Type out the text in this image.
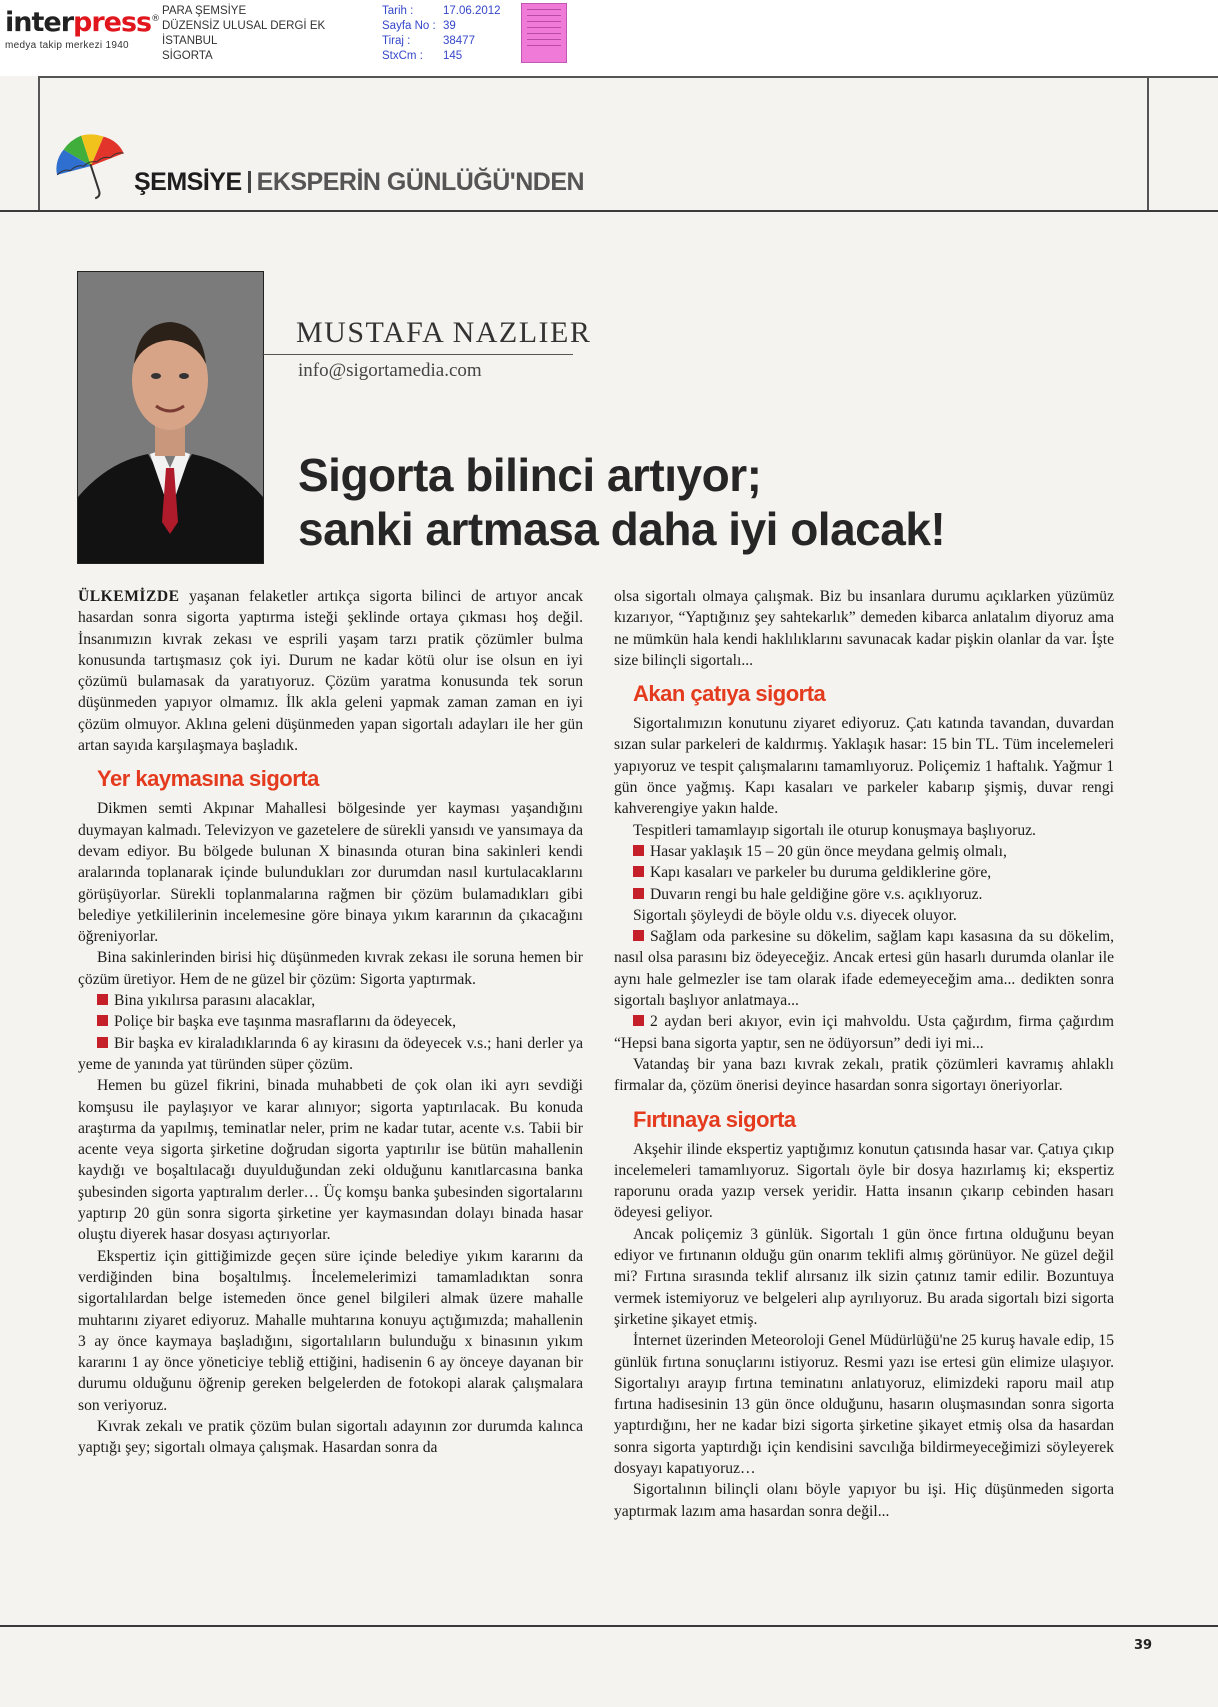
interpress®
medya takip merkezi 1940
PARA ŞEMSİYE
DÜZENSİZ ULUSAL DERGİ EK
İSTANBUL
SİGORTA
Tarih :
Sayfa No :
Tiraj :
StxCm :
17.06.2012
39
38477
145
ŞEMSİYE EKSPERİN GÜNLÜĞÜ'NDEN
MUSTAFA NAZLIER
info@sigortamedia.com
Sigorta bilinci artıyor;
sanki artmasa daha iyi olacak!

ÜLKEMİZDE yaşanan felaketler artıkça sigorta bilinci de artıyor ancak hasardan sonra sigorta yaptırma isteği şeklinde ortaya çıkması hoş değil. İnsanımızın kıvrak zekası ve esprili yaşam tarzı pratik çözümler bulma konusunda tartışmasız çok iyi. Durum ne kadar kötü olur ise olsun en iyi çözümü bulamasak da yaratıyoruz. Çözüm yaratma konusunda tek sorun düşünmeden yapıyor olmamız. İlk akla geleni yapmak zaman zaman en iyi çözüm olmuyor. Aklına geleni düşünmeden yapan sigortalı adayları ile her gün artan sayıda karşılaşmaya başladık.

Yer kaymasına sigorta

Dikmen semti Akpınar Mahallesi bölgesinde yer kayması yaşandığını duymayan kalmadı. Televizyon ve gazetelere de sürekli yansıdı ve yansımaya da devam ediyor. Bu bölgede bulunan X binasında oturan bina sakinleri kendi aralarında toplanarak içinde bulundukları zor durumdan nasıl kurtulacaklarını görüşüyorlar. Sürekli toplanmalarına rağmen bir çözüm bulamadıkları gibi belediye yetkililerinin incelemesine göre binaya yıkım kararının da çıkacağını öğreniyorlar.

Bina sakinlerinden birisi hiç düşünmeden kıvrak zekası ile soruna hemen bir çözüm üretiyor. Hem de ne güzel bir çözüm: Sigorta yaptırmak.

Bina yıkılırsa parasını alacaklar,

Poliçe bir başka eve taşınma masraflarını da ödeyecek,

Bir başka ev kiraladıklarında 6 ay kirasını da ödeyecek v.s.; hani derler ya yeme de yanında yat türünden süper çözüm.

Hemen bu güzel fikrini, binada muhabbeti de çok olan iki ayrı sevdiği komşusu ile paylaşıyor ve karar alınıyor; sigorta yaptırılacak. Bu konuda araştırma da yapılmış, teminatlar neler, prim ne kadar tutar, acente v.s. Tabii bir acente veya sigorta şirketine doğrudan sigorta yaptırılır ise bütün mahallenin kaydığı ve boşaltılacağı duyulduğundan zeki olduğunu kanıtlarcasına banka şubesinden sigorta yaptıralım derler… Üç komşu banka şubesinden sigortalarını yaptırıp 20 gün sonra sigorta şirketine yer kaymasından dolayı binada hasar oluştu diyerek hasar dosyası açtırıyorlar.

Ekspertiz için gittiğimizde geçen süre içinde belediye yıkım kararını da verdiğinden bina boşaltılmış. İncelemelerimizi tamamladıktan sonra sigortalılardan belge istemeden önce genel bilgileri almak üzere mahalle muhtarını ziyaret ediyoruz. Mahalle muhtarına konuyu açtığımızda; mahallenin 3 ay önce kaymaya başladığını, sigortalıların bulunduğu x binasının yıkım kararını 1 ay önce yöneticiye tebliğ ettiğini, hadisenin 6 ay önceye dayanan bir durumu olduğunu öğrenip gereken belgelerden de fotokopi alarak çalışmalara son veriyoruz.

Kıvrak zekalı ve pratik çözüm bulan sigortalı adayının zor durumda kalınca yaptığı şey; sigortalı olmaya çalışmak. Hasardan sonra da

olsa sigortalı olmaya çalışmak. Biz bu insanlara durumu açıklarken yüzümüz kızarıyor, “Yaptığınız şey sahtekarlık” demeden kibarca anlatalım diyoruz ama ne mümkün hala kendi haklılıklarını savunacak kadar pişkin olanlar da var. İşte size bilinçli sigortalı...

Akan çatıya sigorta

Sigortalımızın konutunu ziyaret ediyoruz. Çatı katında tavandan, duvardan sızan sular parkeleri de kaldırmış. Yaklaşık hasar: 15 bin TL. Tüm incelemeleri yapıyoruz ve tespit çalışmalarını tamamlıyoruz. Poliçemiz 1 haftalık. Yağmur 1 gün önce yağmış. Kapı kasaları ve parkeler kabarıp şişmiş, duvar rengi kahverengiye yakın halde.

Tespitleri tamamlayıp sigortalı ile oturup konuşmaya başlıyoruz.

Hasar yaklaşık 15 – 20 gün önce meydana gelmiş olmalı,

Kapı kasaları ve parkeler bu duruma geldiklerine göre,

Duvarın rengi bu hale geldiğine göre v.s. açıklıyoruz.

Sigortalı şöyleydi de böyle oldu v.s. diyecek oluyor.

Sağlam oda parkesine su dökelim, sağlam kapı kasasına da su dökelim, nasıl olsa parasını biz ödeyeceğiz. Ancak ertesi gün hasarlı durumda olanlar ile aynı hale gelmezler ise tam olarak ifade edemeyeceğim ama... dedikten sonra sigortalı başlıyor anlatmaya...

2 aydan beri akıyor, evin içi mahvoldu. Usta çağırdım, firma çağırdım “Hepsi bana sigorta yaptır, sen ne ödüyorsun” dedi iyi mi...

Vatandaş bir yana bazı kıvrak zekalı, pratik çözümleri kavramış ahlaklı firmalar da, çözüm önerisi deyince hasardan sonra sigortayı öneriyorlar.

Fırtınaya sigorta

Akşehir ilinde ekspertiz yaptığımız konutun çatısında hasar var. Çatıya çıkıp incelemeleri tamamlıyoruz. Sigortalı öyle bir dosya hazırlamış ki; ekspertiz raporunu orada yazıp versek yeridir. Hatta insanın çıkarıp cebinden hasarı ödeyesi geliyor.

Ancak poliçemiz 3 günlük. Sigortalı 1 gün önce fırtına olduğunu beyan ediyor ve fırtınanın olduğu gün onarım teklifi almış görünüyor. Ne güzel değil mi? Fırtına sırasında teklif alırsanız ilk sizin çatınız tamir edilir. Bozuntuya vermek istemiyoruz ve belgeleri alıp ayrılıyoruz. Bu arada sigortalı bizi sigorta şirketine şikayet etmiş.

İnternet üzerinden Meteoroloji Genel Müdürlüğü'ne 25 kuruş havale edip, 15 günlük fırtına sonuçlarını istiyoruz. Resmi yazı ise ertesi gün elimize ulaşıyor. Sigortalıyı arayıp fırtına teminatını anlatıyoruz, elimizdeki raporu mail atıp fırtına hadisesinin 13 gün önce olduğunu, hasarın oluşmasından sonra sigorta yaptırdığını, her ne kadar bizi sigorta şirketine şikayet etmiş olsa da hasardan sonra sigorta yaptırdığı için kendisini savcılığa bildirmeyeceğimizi söyleyerek dosyayı kapatıyoruz…

Sigortalının bilinçli olanı böyle yapıyor bu işi. Hiç düşünmeden sigorta yaptırmak lazım ama hasardan sonra değil...

39
